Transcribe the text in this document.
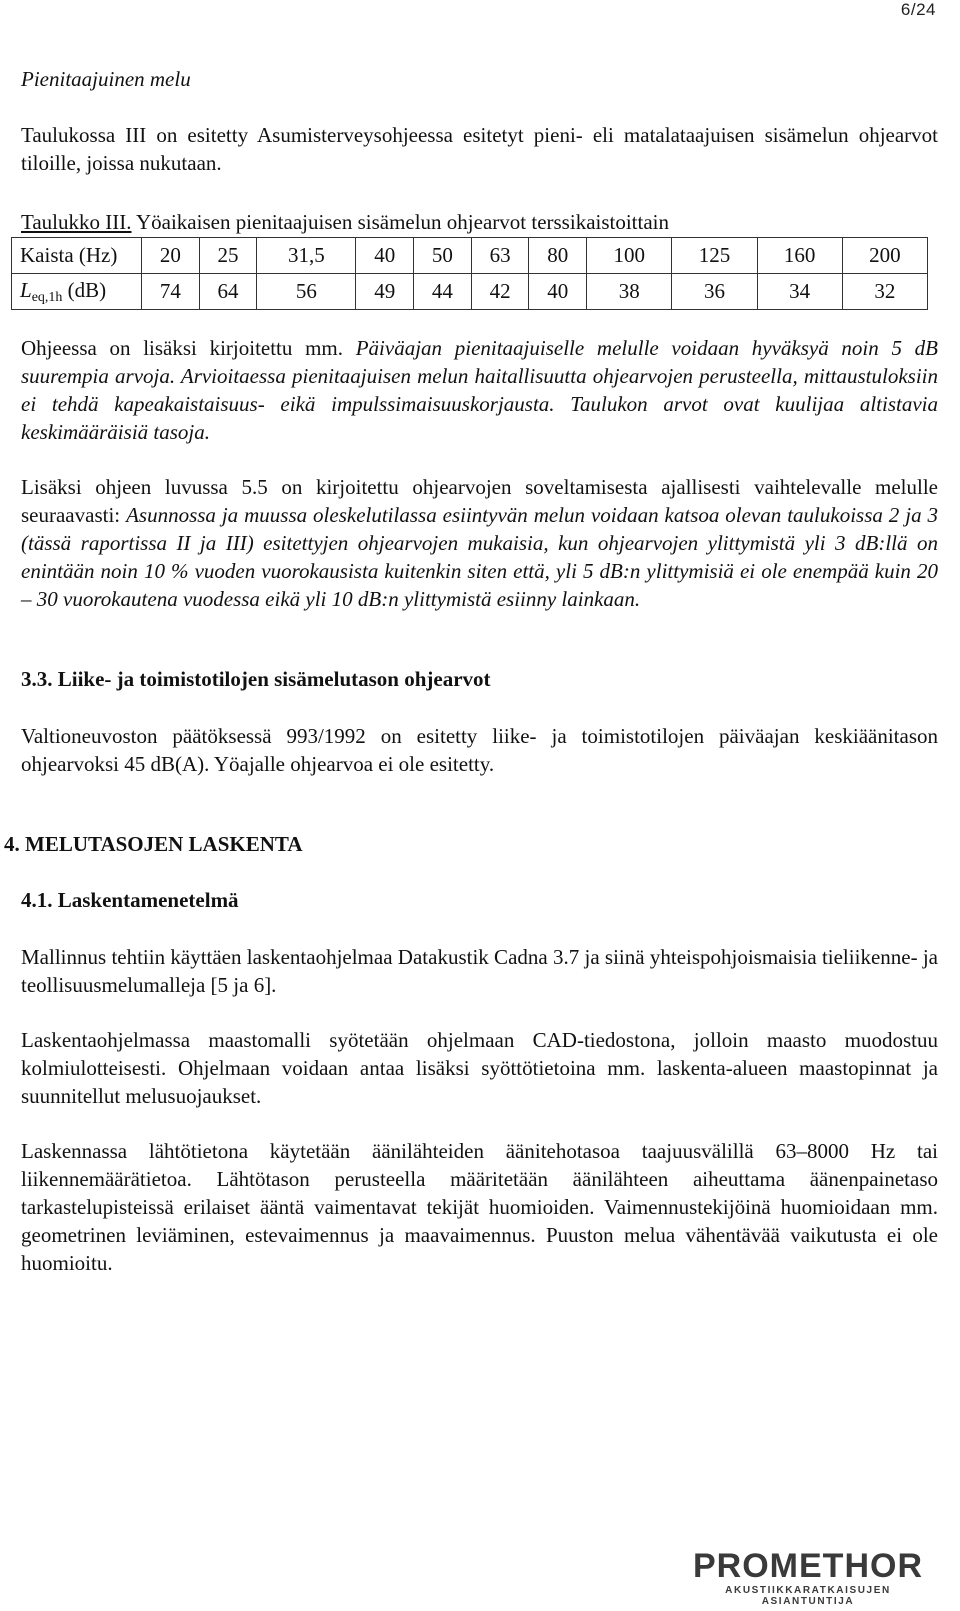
6/24
Pienitaajuinen melu

Taulukossa III on esitetty Asumisterveysohjeessa esitetyt pieni- eli matalataajuisen sisämelun ohjearvot tiloille, joissa nukutaan.

Taulukko III. Yöaikaisen pienitaajuisen sisämelun ohjearvot terssikaistoittain
Kaista (Hz)	20	25	31,5	40	50	63	80	100	125	160	200
$L_{eq,1h}$ (dB)	74	64	56	49	44	42	40	38	36	34	32

Ohjeessa on lisäksi kirjoitettu mm. Päiväajan pienitaajuiselle melulle voidaan hyväksyä noin 5 dB suurempia arvoja. Arvioitaessa pienitaajuisen melun haitallisuutta ohjearvojen perusteella, mittaustuloksiin ei tehdä kapeakaistaisuus- eikä impulssimaisuuskorjausta. Taulukon arvot ovat kuulijaa altistavia keskimääräisiä tasoja.

Lisäksi ohjeen luvussa 5.5 on kirjoitettu ohjearvojen soveltamisesta ajallisesti vaihtelevalle melulle seuraavasti: Asunnossa ja muussa oleskelutilassa esiintyvän melun voidaan katsoa olevan taulukoissa 2 ja 3 (tässä raportissa II ja III) esitettyjen ohjearvojen mukaisia, kun ohjearvojen ylittymistä yli 3 dB:llä on enintään noin 10 % vuoden vuorokausista kuitenkin siten että, yli 5 dB:n ylittymisiä ei ole enempää kuin 20 – 30 vuorokautena vuodessa eikä yli 10 dB:n ylittymistä esiinny lainkaan.

3.3. Liike- ja toimistotilojen sisämelutason ohjearvot

Valtioneuvoston päätöksessä 993/1992 on esitetty liike- ja toimistotilojen päiväajan keskiäänitason ohjearvoksi 45 dB(A). Yöajalle ohjearvoa ei ole esitetty.

4. MELUTASOJEN LASKENTA
4.1. Laskentamenetelmä

Mallinnus tehtiin käyttäen laskentaohjelmaa Datakustik Cadna 3.7 ja siinä yhteispohjoismaisia tieliikenne- ja teollisuusmelumalleja [5 ja 6].

Laskentaohjelmassa maastomalli syötetään ohjelmaan CAD-tiedostona, jolloin maasto muodostuu kolmiulotteisesti. Ohjelmaan voidaan antaa lisäksi syöttötietoina mm. laskenta-alueen maastopinnat ja suunnitellut melusuojaukset.

Laskennassa lähtötietona käytetään äänilähteiden äänitehotasoa taajuusvälillä 63–8000 Hz tai liikennemäärätietoa. Lähtötason perusteella määritetään äänilähteen aiheuttama äänenpainetaso tarkastelupisteissä erilaiset ääntä vaimentavat tekijät huomioiden. Vaimennustekijöinä huomioidaan mm. geometrinen leviäminen, estevaimennus ja maavaimennus. Puuston melua vähentävää vaikutusta ei ole huomioitu.

PROMETHOR
AKUSTIIKKARATKAISUJEN ASIANTUNTIJA
